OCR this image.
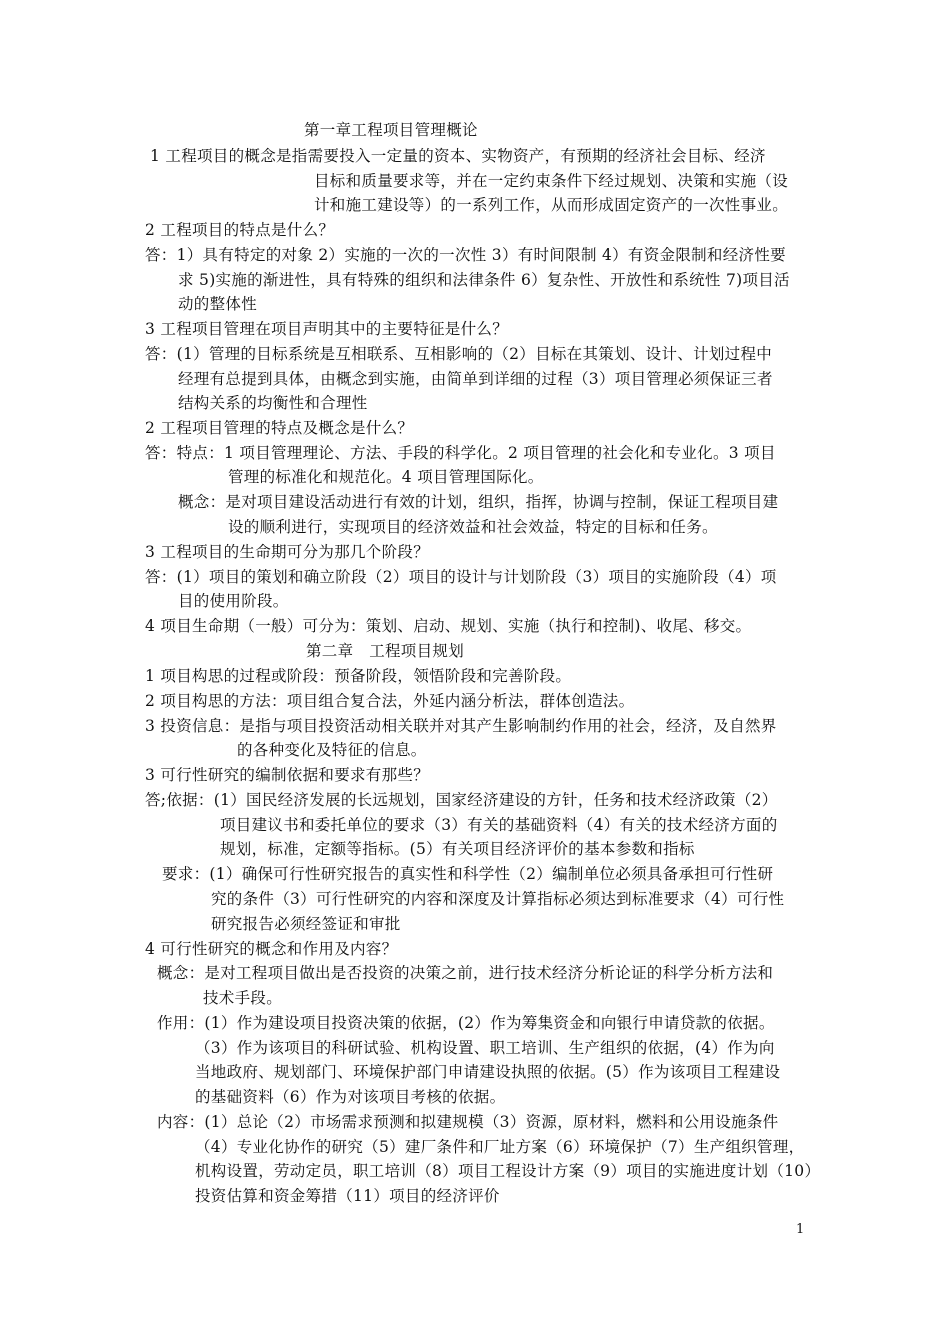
第一章工程项目管理概论
1 工程项目的概念是指需要投入一定量的资本、实物资产，有预期的经济社会目标、经济
目标和质量要求等，并在一定约束条件下经过规划、决策和实施（设
计和施工建设等）的一系列工作，从而形成固定资产的一次性事业。
2 工程项目的特点是什么？
答：1）具有特定的对象 2）实施的一次的一次性 3）有时间限制 4）有资金限制和经济性要
求 5)实施的渐进性，具有特殊的组织和法律条件 6）复杂性、开放性和系统性 7)项目活
动的整体性
3 工程项目管理在项目声明其中的主要特征是什么？
答：(1）管理的目标系统是互相联系、互相影响的（2）目标在其策划、设计、计划过程中
经理有总提到具体，由概念到实施，由简单到详细的过程（3）项目管理必须保证三者
结构关系的均衡性和合理性
2 工程项目管理的特点及概念是什么？
答：特点：1 项目管理理论、方法、手段的科学化。2 项目管理的社会化和专业化。3 项目
管理的标准化和规范化。4 项目管理国际化。
概念：是对项目建设活动进行有效的计划，组织，指挥，协调与控制，保证工程项目建
设的顺利进行，实现项目的经济效益和社会效益，特定的目标和任务。
3 工程项目的生命期可分为那几个阶段？
答：(1）项目的策划和确立阶段（2）项目的设计与计划阶段（3）项目的实施阶段（4）项
目的使用阶段。
4 项目生命期（一般）可分为：策划、启动、规划、实施（执行和控制)、收尾、移交。
第二章　工程项目规划
1 项目构思的过程或阶段：预备阶段，领悟阶段和完善阶段。
2 项目构思的方法：项目组合复合法，外延内涵分析法，群体创造法。
3 投资信息：是指与项目投资活动相关联并对其产生影响制约作用的社会，经济，及自然界
的各种变化及特征的信息。
3 可行性研究的编制依据和要求有那些？
答;依据：(1）国民经济发展的长远规划，国家经济建设的方针，任务和技术经济政策（2）
项目建议书和委托单位的要求（3）有关的基础资料（4）有关的技术经济方面的
规划，标准，定额等指标。(5）有关项目经济评价的基本参数和指标
要求：(1）确保可行性研究报告的真实性和科学性（2）编制单位必须具备承担可行性研
究的条件（3）可行性研究的内容和深度及计算指标必须达到标准要求（4）可行性
研究报告必须经签证和审批
4 可行性研究的概念和作用及内容？
概念：是对工程项目做出是否投资的决策之前，进行技术经济分析论证的科学分析方法和
技术手段。
作用：(1）作为建设项目投资决策的依据，(2）作为筹集资金和向银行申请贷款的依据。
（3）作为该项目的科研试验、机构设置、职工培训、生产组织的依据，(4）作为向
当地政府、规划部门、环境保护部门申请建设执照的依据。(5）作为该项目工程建设
的基础资料（6）作为对该项目考核的依据。
内容：(1）总论（2）市场需求预测和拟建规模（3）资源，原材料，燃料和公用设施条件
（4）专业化协作的研究（5）建厂条件和厂址方案（6）环境保护（7）生产组织管理，
机构设置，劳动定员，职工培训（8）项目工程设计方案（9）项目的实施进度计划（10）
投资估算和资金筹措（11）项目的经济评价
1
